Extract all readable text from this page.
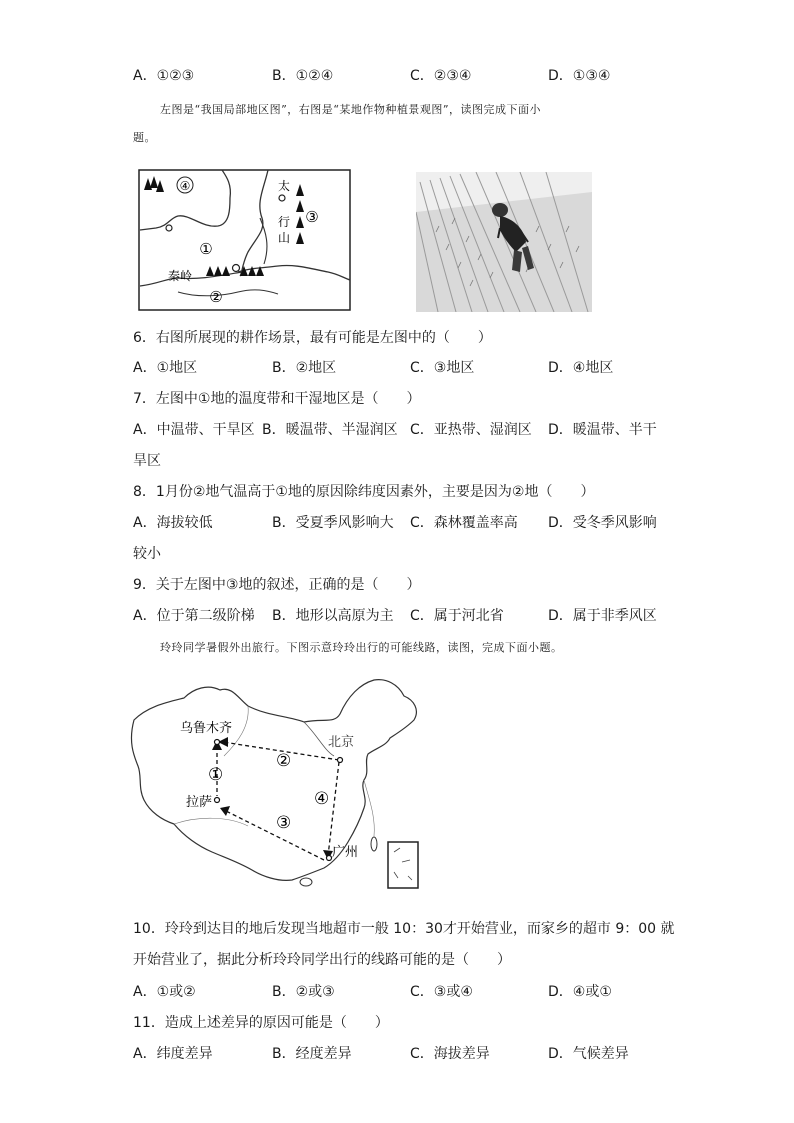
A．①②③	B．①②④	C．②③④	D．①③④
左图是“我国局部地区图”，右图是“某地作物种植景观图”，读图完成下面小
题。
④
①
②
③
秦岭
太
行
山
6．右图所展现的耕作场景，最有可能是左图中的（　　）
A．①地区	B．②地区	C．③地区	D．④地区
7．左图中①地的温度带和干湿地区是（　　）
A．中温带、干旱区 B．暖温带、半湿润区 C．亚热带、湿润区 D．暖温带、半干
旱区
8．1月份②地气温高于①地的原因除纬度因素外，主要是因为②地（　　）
A．海拔较低	B．受夏季风影响大 C．森林覆盖率高 D．受冬季风影响
较小
9．关于左图中③地的叙述，正确的是（　　）
A．位于第二级阶梯 B．地形以高原为主 C．属于河北省	D．属于非季风区
玲玲同学暑假外出旅行。下图示意玲玲出行的可能线路，读图，完成下面小题。
乌鲁木齐
北京
拉萨
广州
①
②
③
④
10．玲玲到达目的地后发现当地超市一般 10：30才开始营业，而家乡的超市 9：00 就
开始营业了，据此分析玲玲同学出行的线路可能的是（　　）
A．①或②	B．②或③	C．③或④	D．④或①
11．造成上述差异的原因可能是（　　）
A．纬度差异	B．经度差异	C．海拔差异	D．气候差异
